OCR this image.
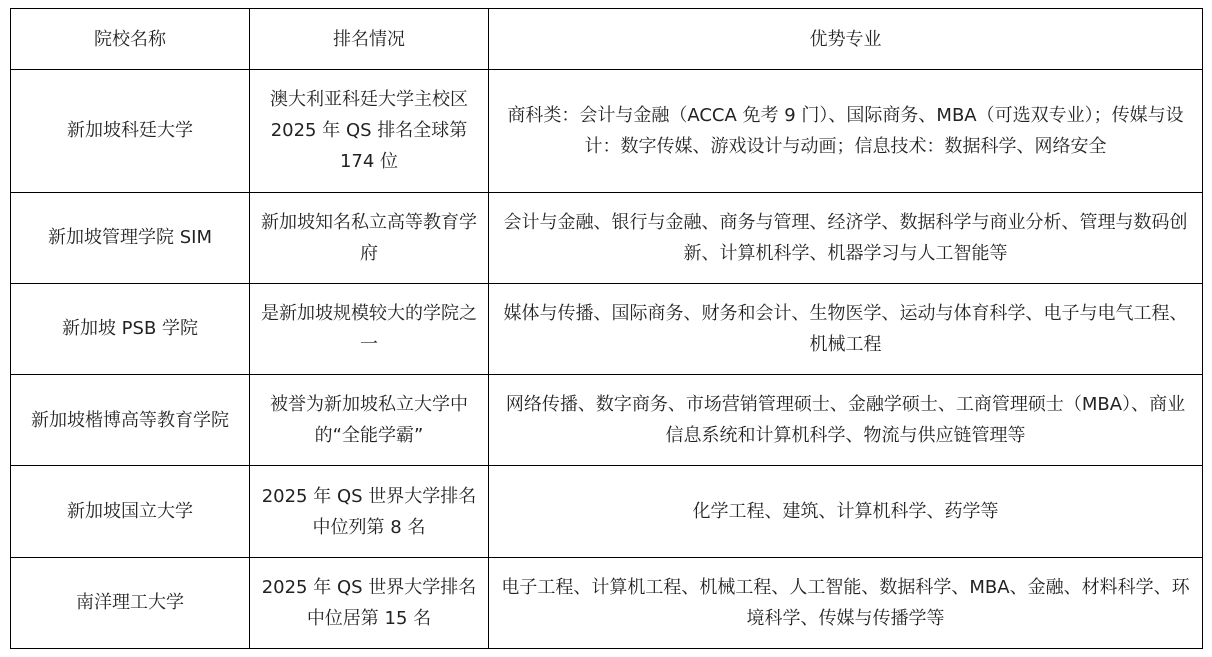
院校名称	排名情况	优势专业
新加坡科廷大学	澳大利亚科廷大学主校区 2025 年 QS 排名全球第 174 位	商科类：会计与金融（ACCA 免考 9 门）、国际商务、MBA（可选双专业）；传媒与设计：数字传媒、游戏设计与动画；信息技术：数据科学、网络安全
新加坡管理学院 SIM	新加坡知名私立高等教育学府	会计与金融、银行与金融、商务与管理、经济学、数据科学与商业分析、管理与数码创新、计算机科学、机器学习与人工智能等
新加坡 PSB 学院	是新加坡规模较大的学院之一	媒体与传播、国际商务、财务和会计、生物医学、运动与体育科学、电子与电气工程、机械工程
新加坡楷博高等教育学院	被誉为新加坡私立大学中的“全能学霸”	网络传播、数字商务、市场营销管理硕士、金融学硕士、工商管理硕士（MBA）、商业信息系统和计算机科学、物流与供应链管理等
新加坡国立大学	2025 年 QS 世界大学排名中位列第 8 名	化学工程、建筑、计算机科学、药学等
南洋理工大学	2025 年 QS 世界大学排名中位居第 15 名	电子工程、计算机工程、机械工程、人工智能、数据科学、MBA、金融、材料科学、环境科学、传媒与传播学等
